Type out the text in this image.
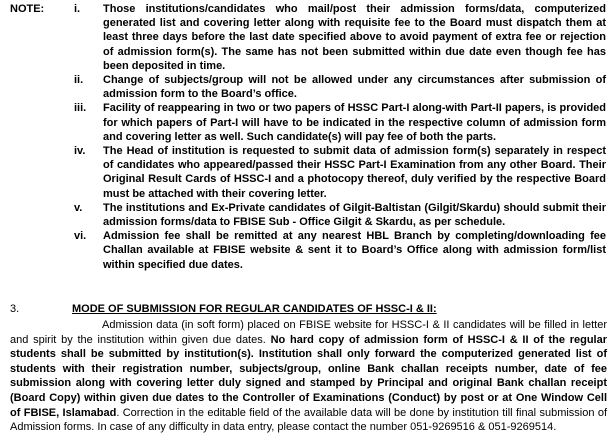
NOTE:	i. Those institutions/candidates who mail/post their admission forms/data, computerized generated list and covering letter along with requisite fee to the Board must dispatch them at least three days before the last date specified above to avoid payment of extra fee or rejection of admission form(s). The same has not been submitted within due date even though fee has been deposited in time.
ii. Change of subjects/group will not be allowed under any circumstances after submission of admission form to the Board’s office.
iii. Facility of reappearing in two or two papers of HSSC Part-I along-with Part-II papers, is provided for which papers of Part-I will have to be indicated in the respective column of admission form and covering letter as well. Such candidate(s) will pay fee of both the parts.
iv. The Head of institution is requested to submit data of admission form(s) separately in respect of candidates who appeared/passed their HSSC Part-I Examination from any other Board. Their Original Result Cards of HSSC-I and a photocopy thereof, duly verified by the respective Board must be attached with their covering letter.
v. The institutions and Ex-Private candidates of Gilgit-Baltistan (Gilgit/Skardu) should submit their admission forms/data to FBISE Sub - Office Gilgit & Skardu, as per schedule.
vi. Admission fee shall be remitted at any nearest HBL Branch by completing/downloading fee Challan available at FBISE website & sent it to Board’s Office along with admission form/list within specified due dates.
3.	MODE OF SUBMISSION FOR REGULAR CANDIDATES OF HSSC-I & II:
Admission data (in soft form) placed on FBISE website for HSSC-I & II candidates will be filled in letter and spirit by the institution within given due dates. No hard copy of admission form of HSSC-I & II of the regular students shall be submitted by institution(s). Institution shall only forward the computerized generated list of students with their registration number, subjects/group, online Bank challan receipts number, date of fee submission along with covering letter duly signed and stamped by Principal and original Bank challan receipt (Board Copy) within given due dates to the Controller of Examinations (Conduct) by post or at One Window Cell of FBISE, Islamabad. Correction in the editable field of the available data will be done by institution till final submission of Admission forms. In case of any difficulty in data entry, please contact the number 051-9269516 & 051-9269514.
